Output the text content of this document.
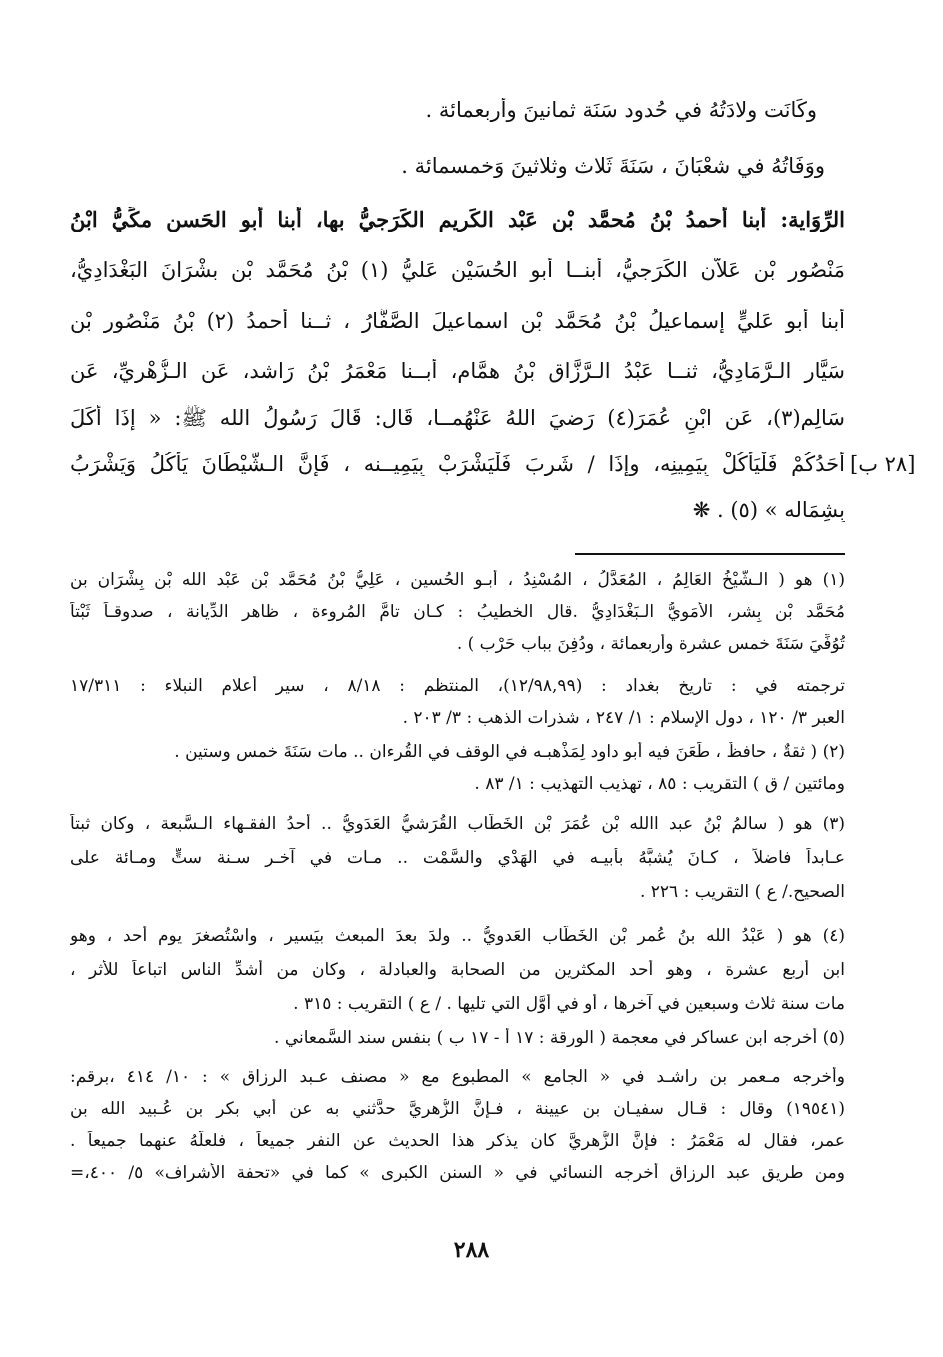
وكَانَت ولادَتُهُ في حُدود سَنَة ثمانينَ وأربعمائة .
ووَفَاتُهُ في شعْبَانَ ، سَنَةَ ثَلاث وثلاثينَ وَخمسمائة .
الرِّوَاية: أبنا أحمدُ بْنُ مُحمَّد بْنِ عَبْد الكَريم الكَرَجيُّ بها، أبنا أبو الحَسن مكِّيُّ ابْنُ
مَنْصُور بْنِ عَلاَّن الكَرَجيُّ، أبنــا أبو الحُسَيْن عَليُّ (١) بْنُ مُحَمَّد بْن بشْرَانَ البَغْدَادِيُّ،
أبنا أبو عَليٍّ إسماعيلُ بْنُ مُحَمَّد بْنِ اسماعيلَ الصَّفَّارُ ، ثــنا أحمدُ (٢) بْنُ مَنْصُور بْن
سَيَّار الـرَّمَادِيُّ، ثنــا عَبْدُ الـرَّزَّاق بْنُ همَّام، أبــنا مَعْمَرُ بْنُ رَاشد، عَن الـزُّهْرِيِّ، عَن
سَالِم(٣)، عَن ابْنِ عُمَرَ(٤) رَضيَ اللهُ عَنْهُمــا، قَال: قَالَ رَسُولُ الله ﷺ: « إذَا أكَلَ
أحَدُكُمْ فَلْيَأكُلْ بِيَمِينِه، وإذَا / شَرِبَ فَلْيَشْرَبْ بِيَمِيــنه ، فَإنَّ الـشَّيْطَانَ يَأكُلُ وَيَشْرَبُ
بِشِمَاله » (٥) . ❋
[٢٨ ب]
(١) هو ( الـشَّيْخُ العَالِمُ ، المُعَدَّلُ ، المُسْنِدُ ، أبـو الحُسين ، عَلِيُّ بْنُ مُحَمَّد بْن عَبْد الله بْن بِشْرَان بن
مُحَمَّد بْن بِشر، الأُمَويُّ الـبَغْدَادِيُّ .قال الخطيبُ : كـان تامَّ المُروءة ، ظاهر الدِّيانة ، صدوقـاً ثَبْتاً
تُوُفِّيَ سَنَةَ خمس عشرة وأربعمائة ، ودُفِنَ بباب حَرْب ) .
ترجمته في : تاريخ بغداد : (١٢/٩٨,٩٩)، المنتظم : ٨/١٨ ، سير أعلام النبلاء : ١٧/٣١١
العبر ٣/ ١٢٠ ، دول الإسلام : ١/ ٢٤٧ ، شذرات الذهب : ٣/ ٢٠٣ .
(٢) ( ثقةٌ ، حافظٌ ، طَعَنَ فيه أبو داود لِمَذْهبـه في الوقف في القُرءان .. مات سَنَةَ خمسٍ وستين .
ومائتين / ق ) التقريب : ٨٥ ، تهذيب التهذيب : ١/ ٨٣ .
(٣) هو ( سالمُ بْنُ عبد االله بْن عُمَرَ بْن الخَطَّاب القُرَشيُّ العَدَويُّ .. أحدُ الفقـهاء الـسَّبعة ، وكان ثبتاً
عـابداً فاضلاً ، كـانَ يُشبَّهُ بأبيـه في الهَدْيِ والسَّمْت .. مـات في آخـر سـنة ستٍّ ومـائة على
الصحيح./ ع ) التقريب : ٢٢٦ .
(٤) هو ( عَبْدُ الله بنُ عُمر بْن الخَطَّاب العَدويُّ .. ولدَ بعدَ المبعث بيَسير ، واسْتُصغرَ يوم أحد ، وهو
ابن أربع عشرة ، وهو أحد المكثرين من الصحابة والعبادلة ، وكان من أشدِّ الناس اتباعاً للأثر ،
مات سنة ثلاث وسبعين في آخرها ، أو في أوَّل التي تليها . / ع ) التقريب : ٣١٥ .
(٥) أخرجه ابن عساكر في معجمة ( الورقة : ١٧ أ - ١٧ ب ) بنفس سند السَّمعاني .
وأخرجه مـعمر بن راشـد في « الجامع » المطبوع مع « مصنف عـبد الرزاق » : ١٠/ ٤١٤ ،برقم:
(١٩٥٤١) وقال : قـال سفيـان بن عيينة ، فـإنَّ الزُّهريَّ حدَّثني به عن أبي بكر بن عُـبيد الله بن
عمر، فقال له مَعْمَرُ : فإنَّ الزُّهريَّ كان يذكر هذا الحديث عن النفر جميعاً ، فلعلَّهُ عنهما جميعاً .
ومن طريق عبد الرزاق أخرجه النسائي في « السنن الكبرى » كما في «تحفة الأشراف» ٥/ ٤٠٠،=
٢٨٨
